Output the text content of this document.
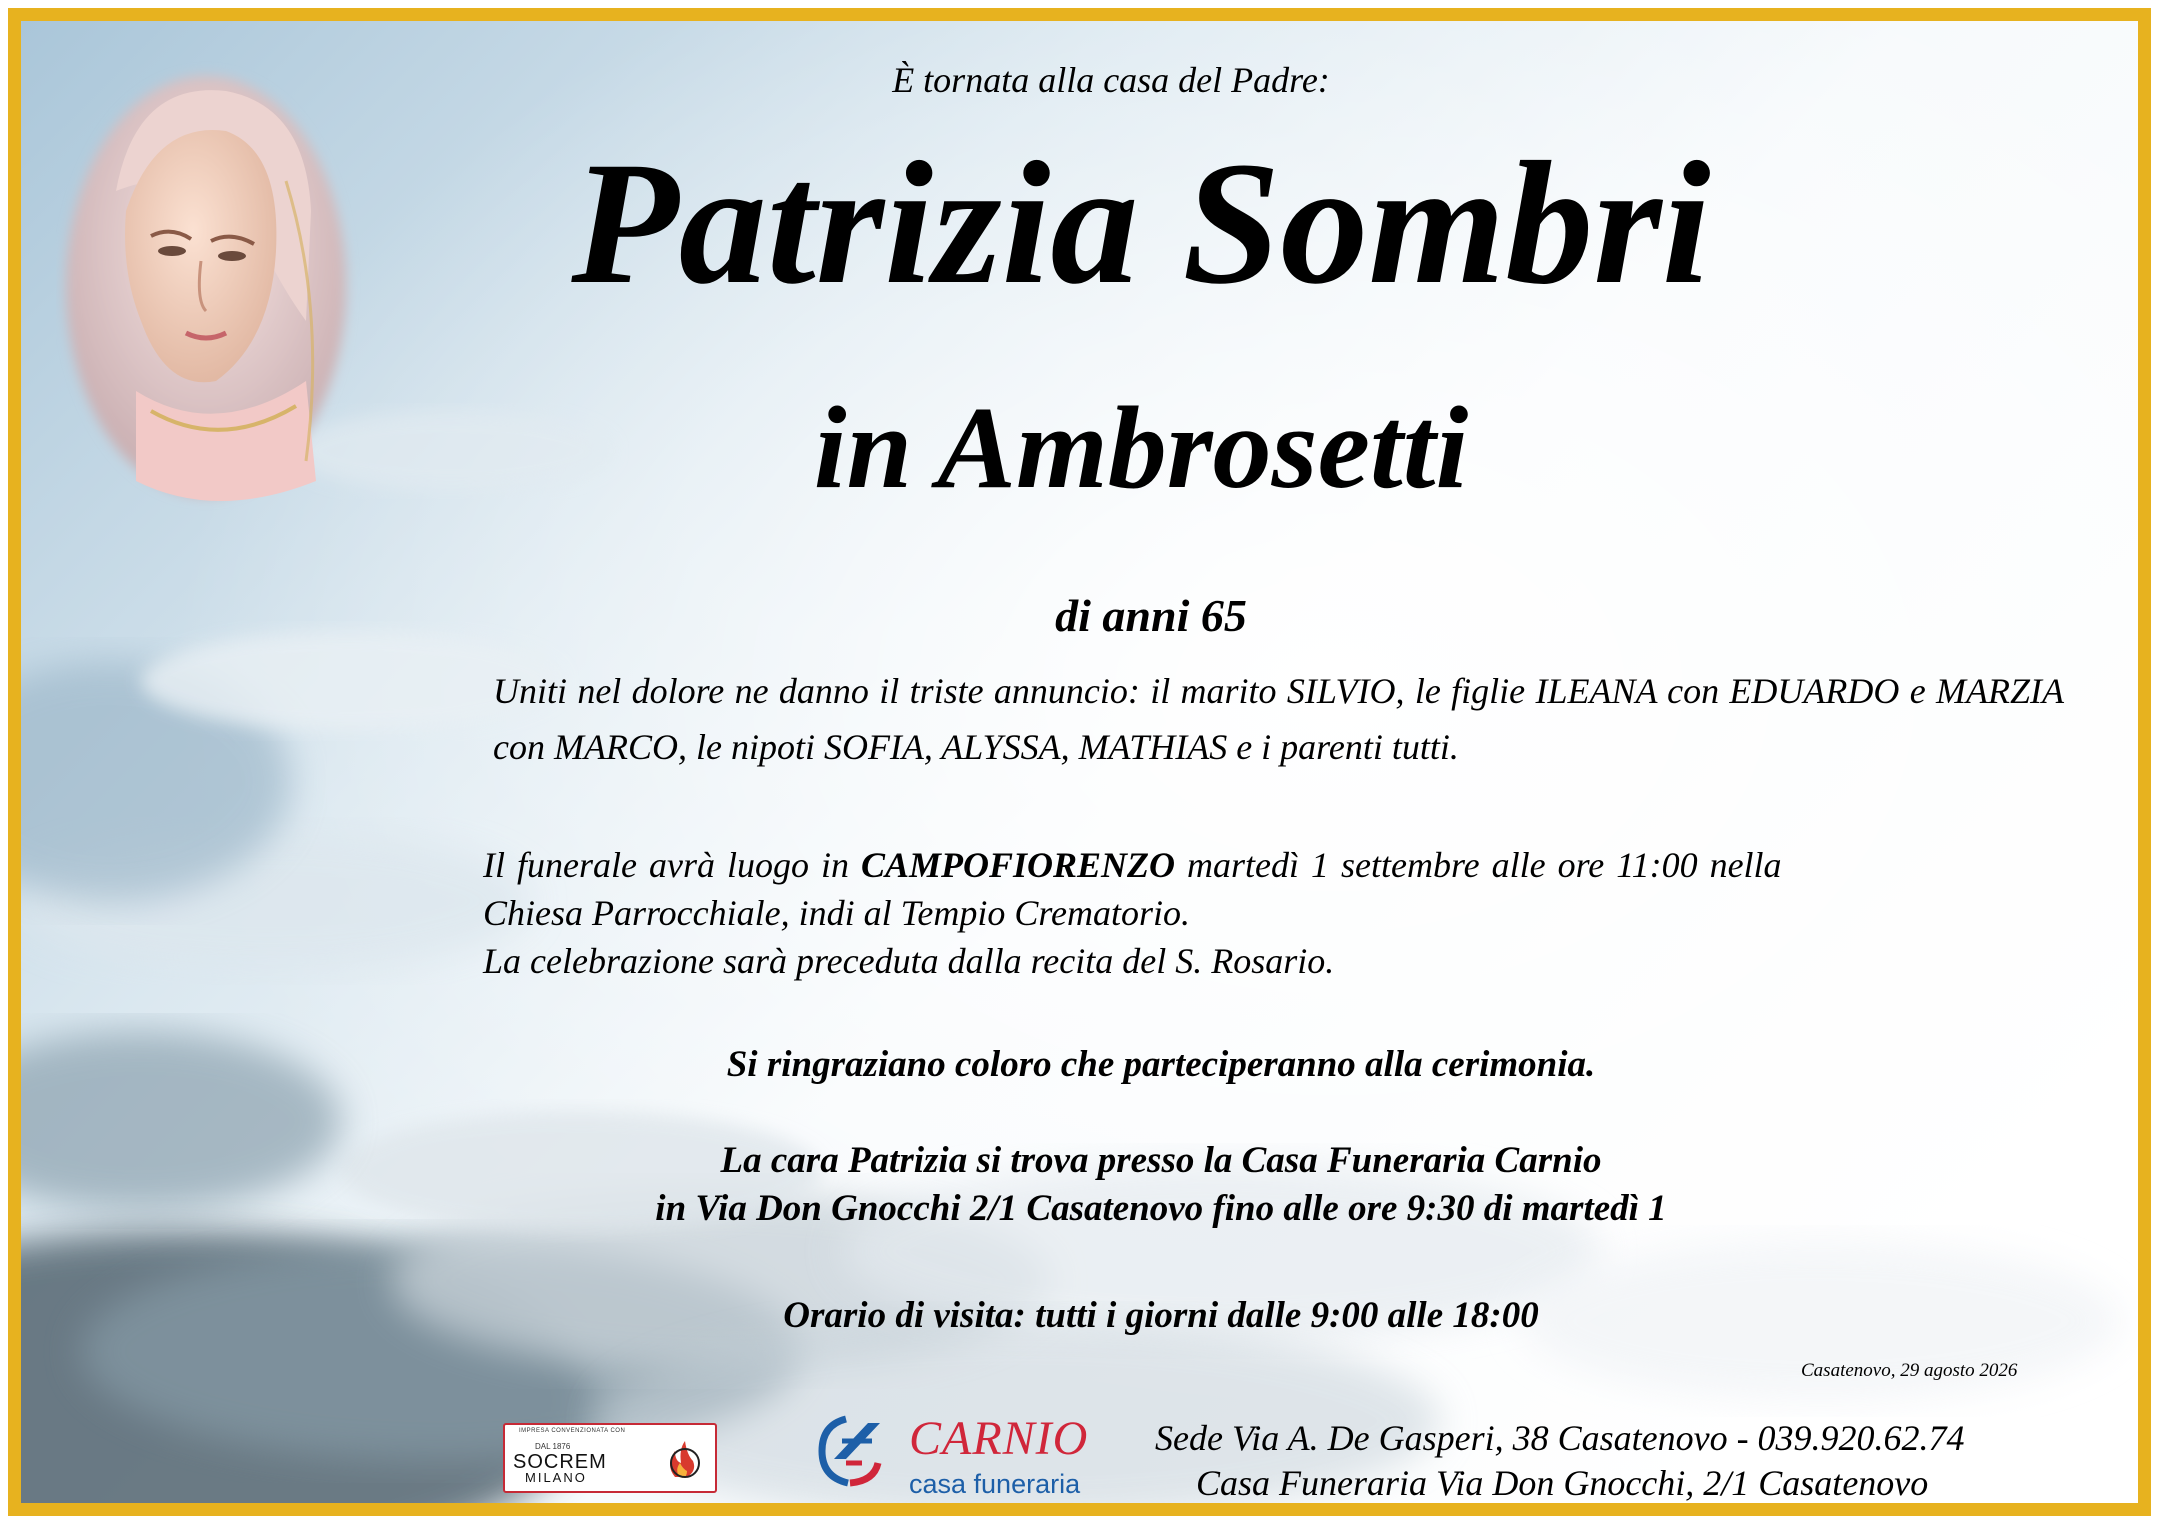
È tornata alla casa del Padre:
Patrizia Sombri
in Ambrosetti
di anni 65
Uniti nel dolore ne danno il triste annuncio: il marito SILVIO, le figlie ILEANA con EDUARDO e MARZIA con MARCO, le nipoti SOFIA, ALYSSA, MATHIAS e i parenti tutti.
Il funerale avrà luogo in CAMPOFIORENZO martedì 1 settembre alle ore 11:00 nella
Chiesa Parrocchiale, indi al Tempio Crematorio.
La celebrazione sarà preceduta dalla recita del S. Rosario.
Si ringraziano coloro che parteciperanno alla cerimonia.
La cara Patrizia si trova presso la Casa Funeraria Carnio
in Via Don Gnocchi 2/1 Casatenovo fino alle ore 9:30 di martedì 1
Orario di visita: tutti i giorni dalle 9:00 alle 18:00
Casatenovo, 29 agosto 2026
IMPRESA CONVENZIONATA CON
DAL 1876
SOCREM
MILANO
CARNIO
casa funeraria
Sede Via A. De Gasperi, 38 Casatenovo - 039.920.62.74
Casa Funeraria Via Don Gnocchi, 2/1 Casatenovo
